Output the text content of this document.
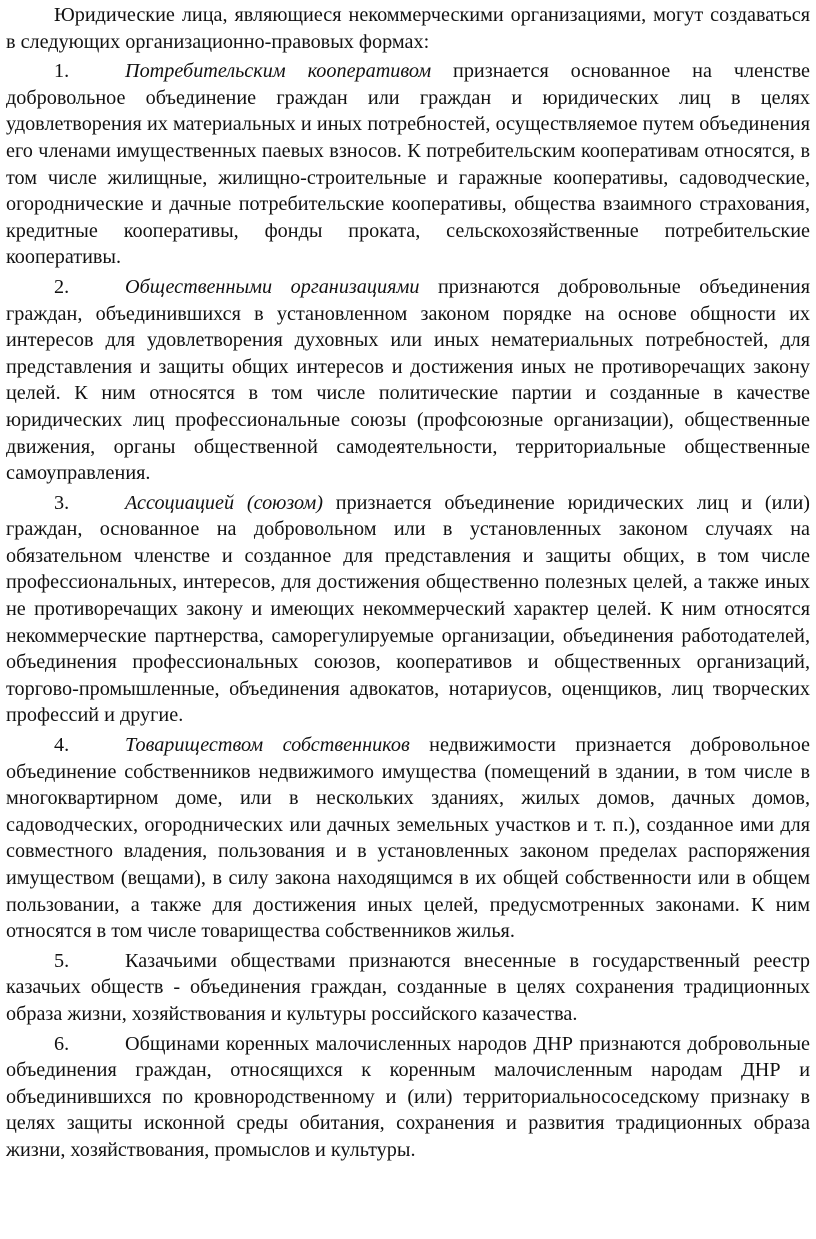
Юридические лица, являющиеся некоммерческими организациями, могут создаваться в следующих организационно-правовых формах:

1.	Потребительским кооперативом признается основанное на членстве добровольное объединение граждан или граждан и юридических лиц в целях удовлетворения их материальных и иных потребностей, осуществляемое путем объединения его членами имущественных паевых взносов. К потребительским кооперативам относятся, в том числе жилищные, жилищно-строительные и гаражные кооперативы, садоводческие, огороднические и дачные потребительские кооперативы, общества взаимного страхования, кредитные кооперативы, фонды проката, сельскохозяйственные потребительские кооперативы.

2.	Общественными организациями признаются добровольные объединения граждан, объединившихся в установленном законом порядке на основе общности их интересов для удовлетворения духовных или иных нематериальных потребностей, для представления и защиты общих интересов и достижения иных не противоречащих закону целей. К ним относятся в том числе политические партии и созданные в качестве юридических лиц профессиональные союзы (профсоюзные организации), общественные движения, органы общественной самодеятельности, территориальные общественные самоуправления.

3.	Ассоциацией (союзом) признается объединение юридических лиц и (или) граждан, основанное на добровольном или в установленных законом случаях на обязательном членстве и созданное для представления и защиты общих, в том числе профессиональных, интересов, для достижения общественно полезных целей, а также иных не противоречащих закону и имеющих некоммерческий характер целей. К ним относятся некоммерческие партнерства, саморегулируемые организации, объединения работодателей, объединения профессиональных союзов, кооперативов и общественных организаций, торгово-промышленные, объединения адвокатов, нотариусов, оценщиков, лиц творческих профессий и другие.

4.	Товариществом собственников недвижимости признается добровольное объединение собственников недвижимого имущества (помещений в здании, в том числе в многоквартирном доме, или в нескольких зданиях, жилых домов, дачных домов, садоводческих, огороднических или дачных земельных участков и т. п.), созданное ими для совместного владения, пользования и в установленных законом пределах распоряжения имуществом (вещами), в силу закона находящимся в их общей собственности или в общем пользовании, а также для достижения иных целей, предусмотренных законами. К ним относятся в том числе товарищества собственников жилья.

5.	Казачьими обществами признаются внесенные в государственный реестр казачьих обществ - объединения граждан, созданные в целях сохранения традиционных образа жизни, хозяйствования и культуры российского казачества.

6.	Общинами коренных малочисленных народов ДНР признаются добровольные объединения граждан, относящихся к коренным малочисленным народам ДНР и объединившихся по кровнородственному и (или) территориальнососедскому признаку в целях защиты исконной среды обитания, сохранения и развития традиционных образа жизни, хозяйствования, промыслов и культуры.
